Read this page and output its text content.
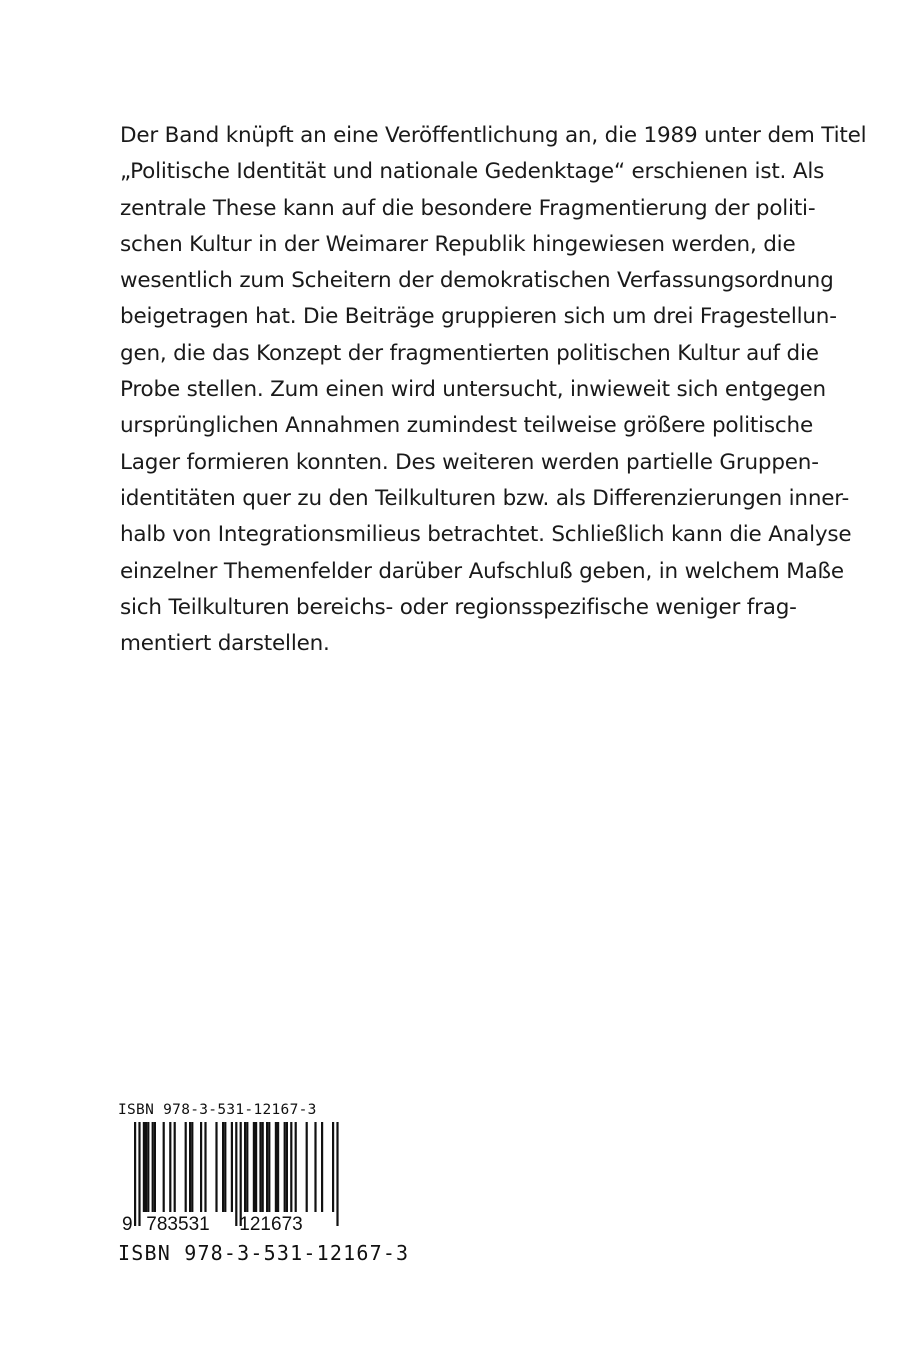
Der Band knüpft an eine Veröffentlichung an, die 1989 unter dem Titel
„Politische Identität und nationale Gedenktage“ erschienen ist. Als
zentrale These kann auf die besondere Fragmentierung der politi-
schen Kultur in der Weimarer Republik hingewiesen werden, die
wesentlich zum Scheitern der demokratischen Verfassungsordnung
beigetragen hat. Die Beiträge gruppieren sich um drei Fragestellun-
gen, die das Konzept der fragmentierten politischen Kultur auf die
Probe stellen. Zum einen wird untersucht, inwieweit sich entgegen
ursprünglichen Annahmen zumindest teilweise größere politische
Lager formieren konnten. Des weiteren werden partielle Gruppen-
identitäten quer zu den Teilkulturen bzw. als Differenzierungen inner-
halb von Integrationsmilieus betrachtet. Schließlich kann die Analyse
einzelner Themenfelder darüber Aufschluß geben, in welchem Maße
sich Teilkulturen bereichs- oder regionsspezifische weniger frag-
mentiert darstellen.
ISBN 978-3-531-12167-3
9 783531 121673
ISBN 978-3-531-12167-3
